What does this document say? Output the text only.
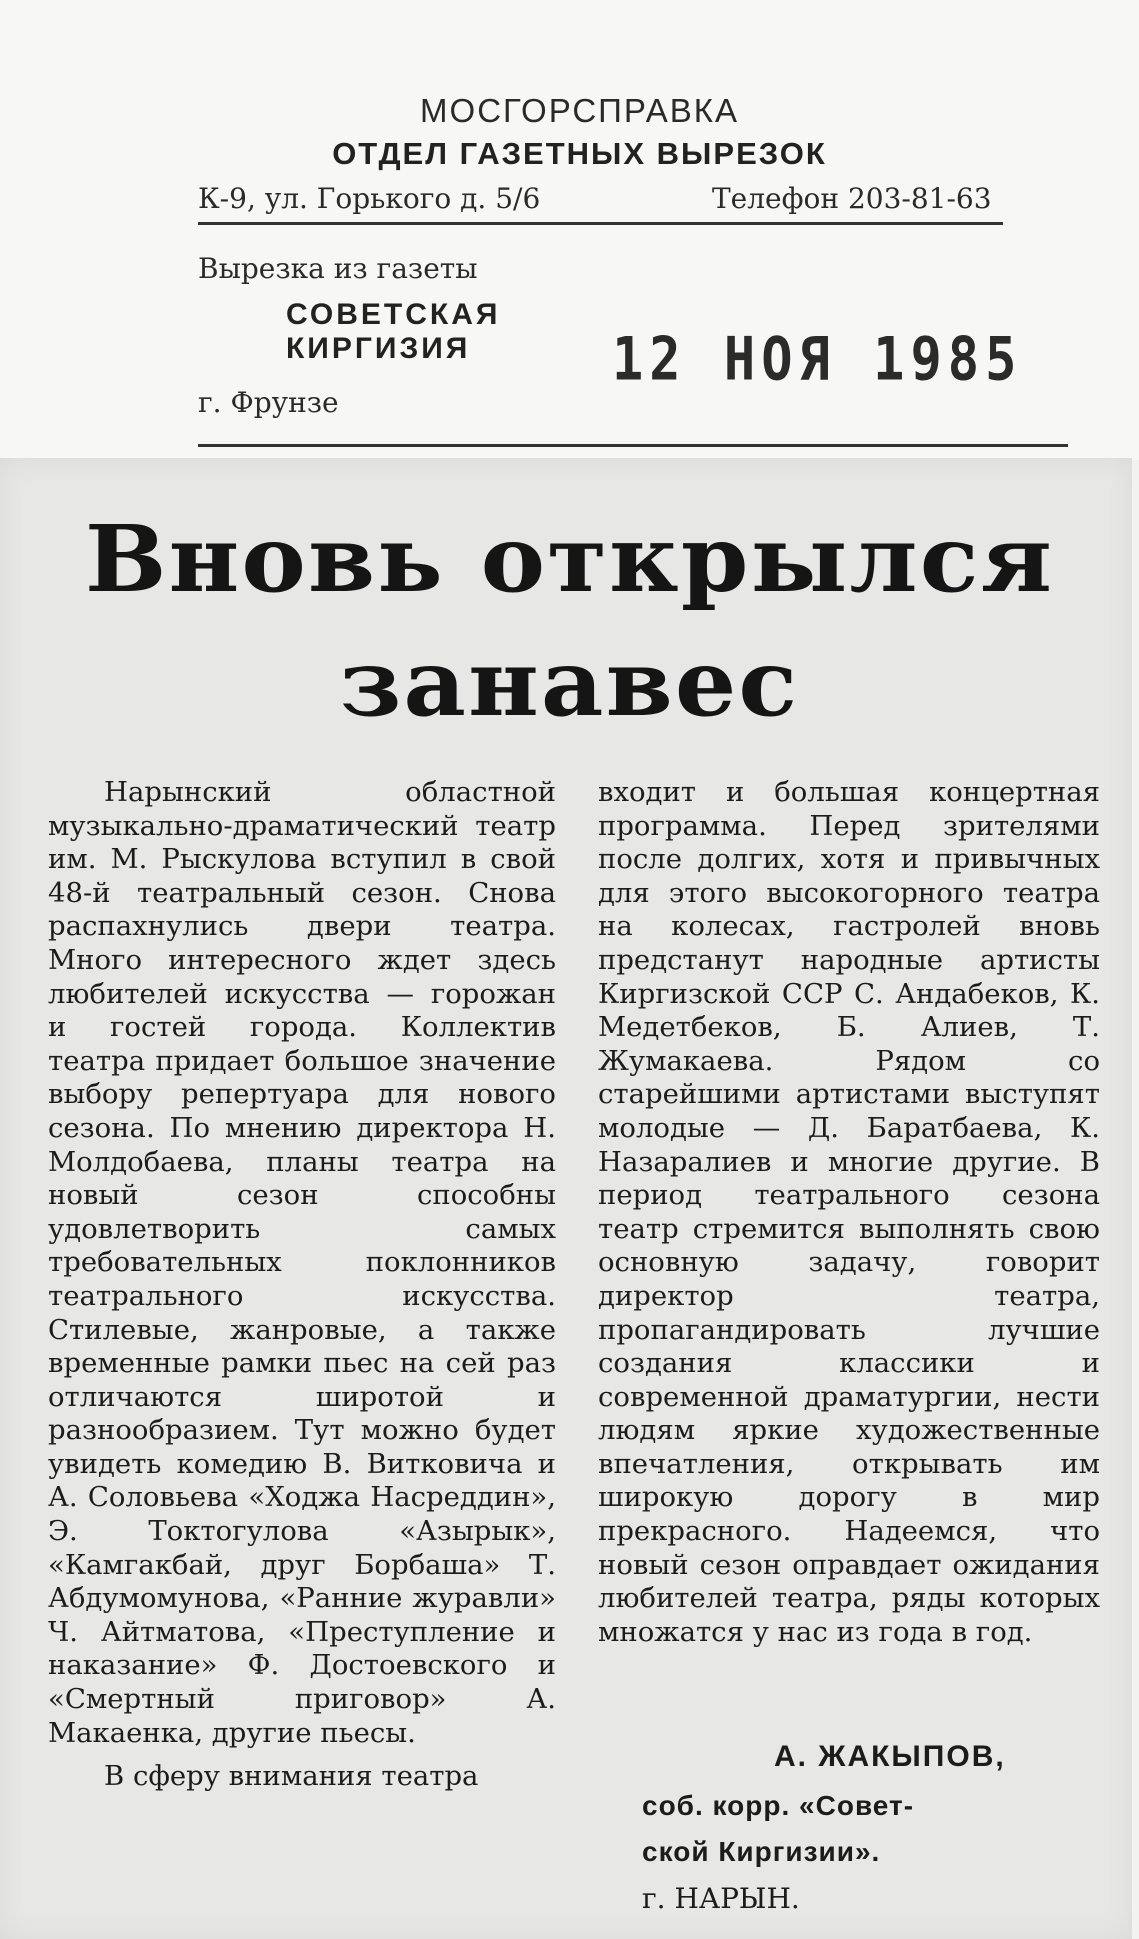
МОСГОРСПРАВКА
ОТДЕЛ ГАЗЕТНЫХ ВЫРЕЗОК
К-9, ул. Горького д. 5/6	Телефон 203-81-63
Вырезка из газеты
СОВЕТСКАЯ КИРГИЗИЯ
г. Фрунзе
12 НОЯ 1985
Вновь открылся занавес

Нарынский областной музыкально-драматический театр им. М. Рыскулова вступил в свой 48-й театральный сезон. Снова распахнулись двери театра. Много интересного ждет здесь любителей искусства — горожан и гостей города. Коллектив театра придает большое значение выбору репертуара для нового сезона. По мнению директора Н. Молдобаева, планы театра на новый сезон способны удовлетворить самых требовательных поклонников театрального искусства. Стилевые, жанровые, а также временные рамки пьес на сей раз отличаются широтой и разнообразием. Тут можно будет увидеть комедию В. Витковича и А. Соловьева «Ходжа Насреддин», Э. Токтогулова «Азырык», «Камгакбай, друг Борбаша» Т. Абдумомунова, «Ранние журавли» Ч. Айтматова, «Преступление и наказание» Ф. Достоевского и «Смертный приговор» А. Макаенка, другие пьесы.

В сферу внимания театра

входит и большая концертная программа. Перед зрителями после долгих, хотя и привычных для этого высокогорного театра на колесах, гастролей вновь предстанут народные артисты Киргизской ССР С. Андабеков, К. Медетбеков, Б. Алиев, Т. Жумакаева. Рядом со старейшими артистами выступят молодые — Д. Баратбаева, К. Назаралиев и многие другие. В период театрального сезона театр стремится выполнять свою основную задачу, говорит директор театра, пропагандировать лучшие создания классики и современной драматургии, нести людям яркие художественные впечатления, открывать им широкую дорогу в мир прекрасного. Надеемся, что новый сезон оправдает ожидания любителей театра, ряды которых множатся у нас из года в год.

А. ЖАКЫПОВ,
соб. корр. «Совет-
ской Киргизии».
г. НАРЫН.
